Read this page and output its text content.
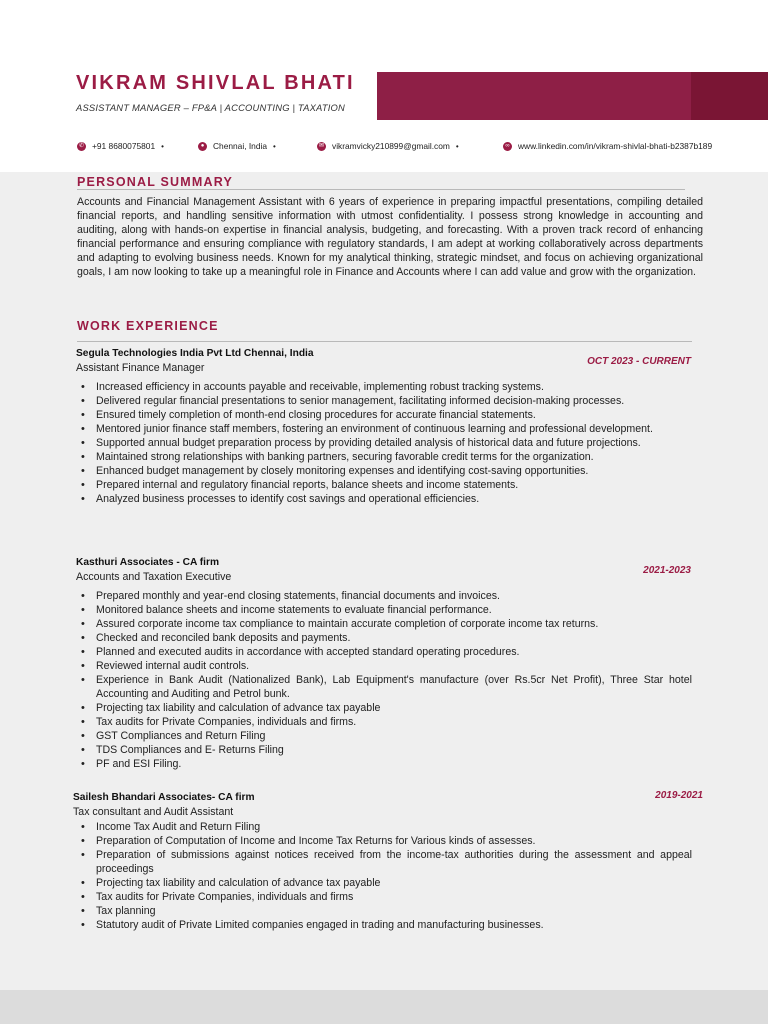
VIKRAM SHIVLAL BHATI
ASSISTANT MANAGER – FP&A | ACCOUNTING | TAXATION
✆ +91 8680075801 •	●	Chennai, India •	✉ vikramvicky210899@gmail.com •	∞ www.linkedin.com/in/vikram-shivlal-bhati-b2387b189
PERSONAL SUMMARY
Accounts and Financial Management Assistant with 6 years of experience in preparing impactful presentations, compiling detailed financial reports, and handling sensitive information with utmost confidentiality. I possess strong knowledge in accounting and auditing, along with hands-on expertise in financial analysis, budgeting, and forecasting. With a proven track record of enhancing financial performance and ensuring compliance with regulatory standards, I am adept at working collaboratively across departments and adapting to evolving business needs. Known for my analytical thinking, strategic mindset, and focus on achieving organizational goals, I am now looking to take up a meaningful role in Finance and Accounts where I can add value and grow with the organization.
WORK EXPERIENCE
Segula Technologies India Pvt Ltd Chennai, India
Assistant Finance Manager
OCT 2023 - CURRENT
• Increased efficiency in accounts payable and receivable, implementing robust tracking systems.
• Delivered regular financial presentations to senior management, facilitating informed decision-making processes.
• Ensured timely completion of month-end closing procedures for accurate financial statements.
• Mentored junior finance staff members, fostering an environment of continuous learning and professional development.
• Supported annual budget preparation process by providing detailed analysis of historical data and future projections.
• Maintained strong relationships with banking partners, securing favorable credit terms for the organization.
• Enhanced budget management by closely monitoring expenses and identifying cost-saving opportunities.
• Prepared internal and regulatory financial reports, balance sheets and income statements.
• Analyzed business processes to identify cost savings and operational efficiencies.
Kasthuri Associates - CA firm
Accounts and Taxation Executive
2021-2023
• Prepared monthly and year-end closing statements, financial documents and invoices.
• Monitored balance sheets and income statements to evaluate financial performance.
• Assured corporate income tax compliance to maintain accurate completion of corporate income tax returns.
• Checked and reconciled bank deposits and payments.
• Planned and executed audits in accordance with accepted standard operating procedures.
• Reviewed internal audit controls.
• Experience in Bank Audit (Nationalized Bank), Lab Equipment's manufacture (over Rs.5cr Net Profit), Three Star hotel Accounting and Auditing and Petrol bunk.
• Projecting tax liability and calculation of advance tax payable
• Tax audits for Private Companies, individuals and firms.
• GST Compliances and Return Filing
• TDS Compliances and E- Returns Filing
• PF and ESI Filing.
Sailesh Bhandari Associates- CA firm
Tax consultant and Audit Assistant
2019-2021
• Income Tax Audit and Return Filing
• Preparation of Computation of Income and Income Tax Returns for Various kinds of assesses.
• Preparation of submissions against notices received from the income-tax authorities during the assessment and appeal proceedings
• Projecting tax liability and calculation of advance tax payable
• Tax audits for Private Companies, individuals and firms
• Tax planning
• Statutory audit of Private Limited companies engaged in trading and manufacturing businesses.
